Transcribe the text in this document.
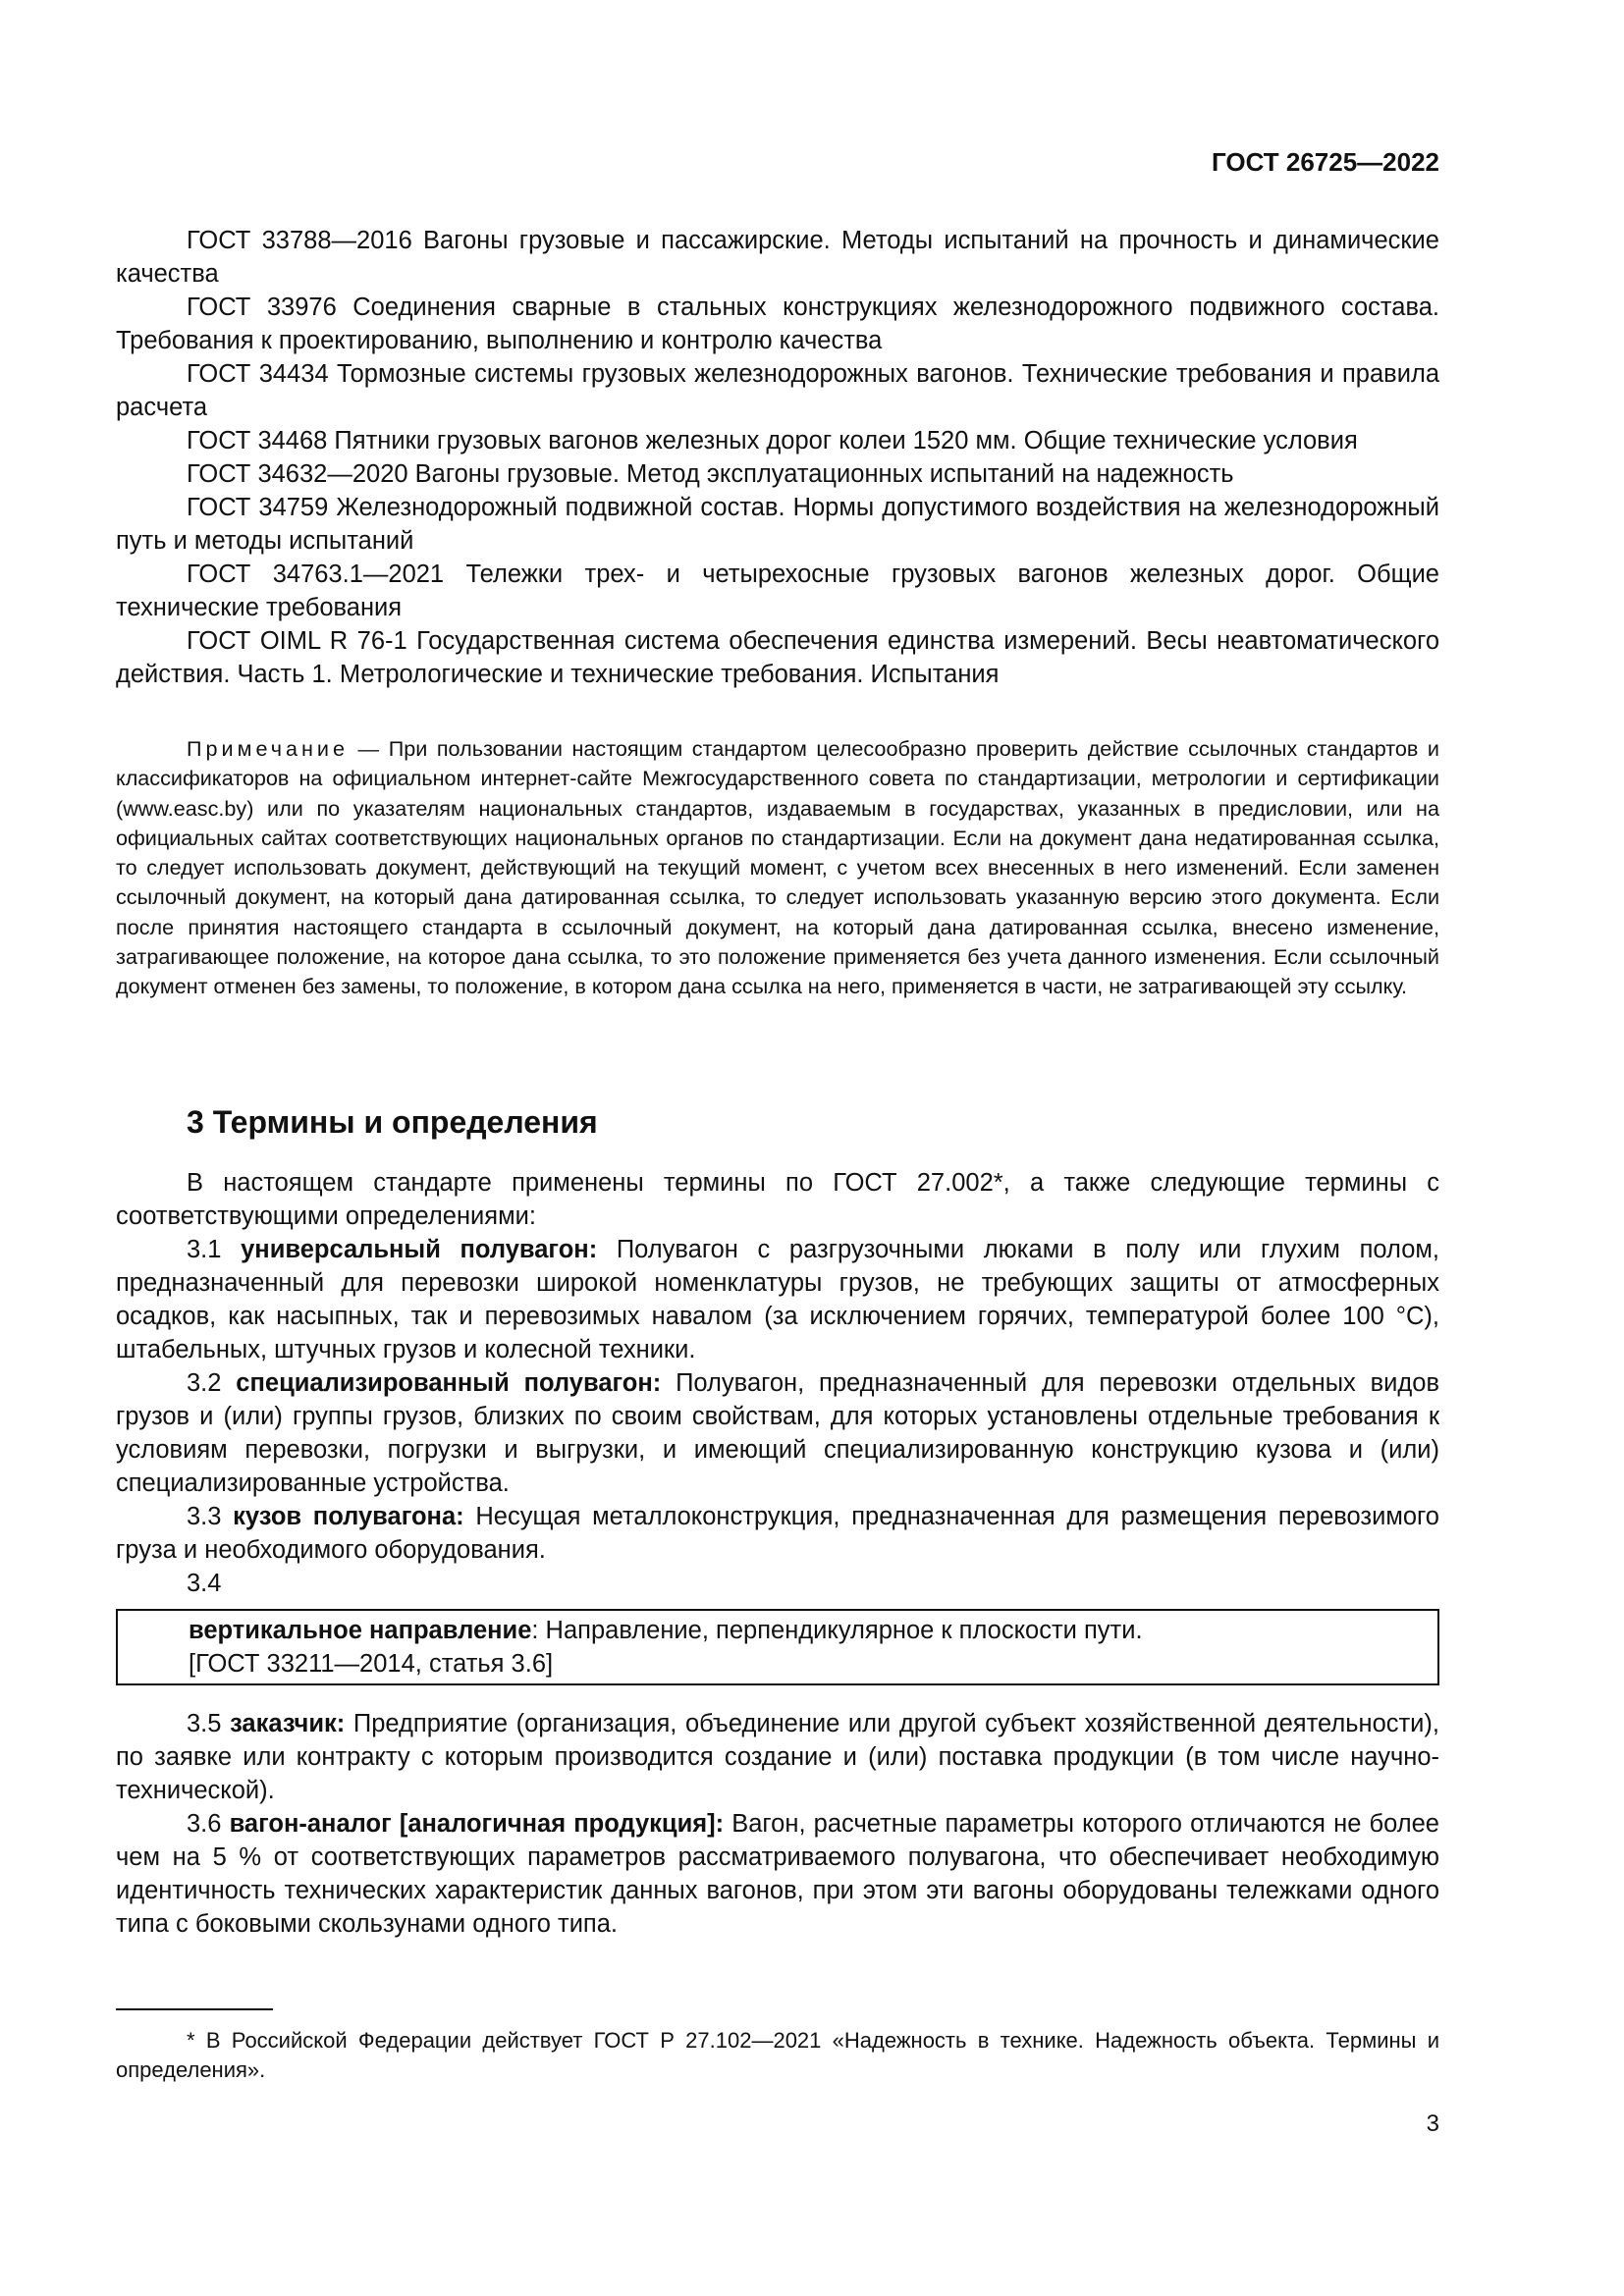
ГОСТ 26725—2022

ГОСТ 33788—2016 Вагоны грузовые и пассажирские. Методы испытаний на прочность и динамические качества

ГОСТ 33976 Соединения сварные в стальных конструкциях железнодорожного подвижного состава. Требования к проектированию, выполнению и контролю качества

ГОСТ 34434 Тормозные системы грузовых железнодорожных вагонов. Технические требования и правила расчета

ГОСТ 34468 Пятники грузовых вагонов железных дорог колеи 1520 мм. Общие технические условия

ГОСТ 34632—2020 Вагоны грузовые. Метод эксплуатационных испытаний на надежность

ГОСТ 34759 Железнодорожный подвижной состав. Нормы допустимого воздействия на железнодорожный путь и методы испытаний

ГОСТ 34763.1—2021 Тележки трех- и четырехосные грузовых вагонов железных дорог. Общие технические требования

ГОСТ OIML R 76-1 Государственная система обеспечения единства измерений. Весы неавтоматического действия. Часть 1. Метрологические и технические требования. Испытания

Примечание — При пользовании настоящим стандартом целесообразно проверить действие ссылочных стандартов и классификаторов на официальном интернет-сайте Межгосударственного совета по стандартизации, метрологии и сертификации (www.easc.by) или по указателям национальных стандартов, издаваемым в государствах, указанных в предисловии, или на официальных сайтах соответствующих национальных органов по стандартизации. Если на документ дана недатированная ссылка, то следует использовать документ, действующий на текущий момент, с учетом всех внесенных в него изменений. Если заменен ссылочный документ, на который дана датированная ссылка, то следует использовать указанную версию этого документа. Если после принятия настоящего стандарта в ссылочный документ, на который дана датированная ссылка, внесено изменение, затрагивающее положение, на которое дана ссылка, то это положение применяется без учета данного изменения. Если ссылочный документ отменен без замены, то положение, в котором дана ссылка на него, применяется в части, не затрагивающей эту ссылку.

3 Термины и определения

В настоящем стандарте применены термины по ГОСТ 27.002*, а также следующие термины с соответствующими определениями:

3.1 универсальный полувагон: Полувагон с разгрузочными люками в полу или глухим полом, предназначенный для перевозки широкой номенклатуры грузов, не требующих защиты от атмосферных осадков, как насыпных, так и перевозимых навалом (за исключением горячих, температурой более 100 °С), штабельных, штучных грузов и колесной техники.

3.2 специализированный полувагон: Полувагон, предназначенный для перевозки отдельных видов грузов и (или) группы грузов, близких по своим свойствам, для которых установлены отдельные требования к условиям перевозки, погрузки и выгрузки, и имеющий специализированную конструкцию кузова и (или) специализированные устройства.

3.3 кузов полувагона: Несущая металлоконструкция, предназначенная для размещения перевозимого груза и необходимого оборудования.

3.4

вертикальное направление: Направление, перпендикулярное к плоскости пути.

[ГОСТ 33211—2014, статья 3.6]

3.5 заказчик: Предприятие (организация, объединение или другой субъект хозяйственной деятельности), по заявке или контракту с которым производится создание и (или) поставка продукции (в том числе научно-технической).

3.6 вагон-аналог [аналогичная продукция]: Вагон, расчетные параметры которого отличаются не более чем на 5 % от соответствующих параметров рассматриваемого полувагона, что обеспечивает необходимую идентичность технических характеристик данных вагонов, при этом эти вагоны оборудованы тележками одного типа с боковыми скользунами одного типа.

* В Российской Федерации действует ГОСТ Р 27.102—2021 «Надежность в технике. Надежность объекта. Термины и определения».

3
